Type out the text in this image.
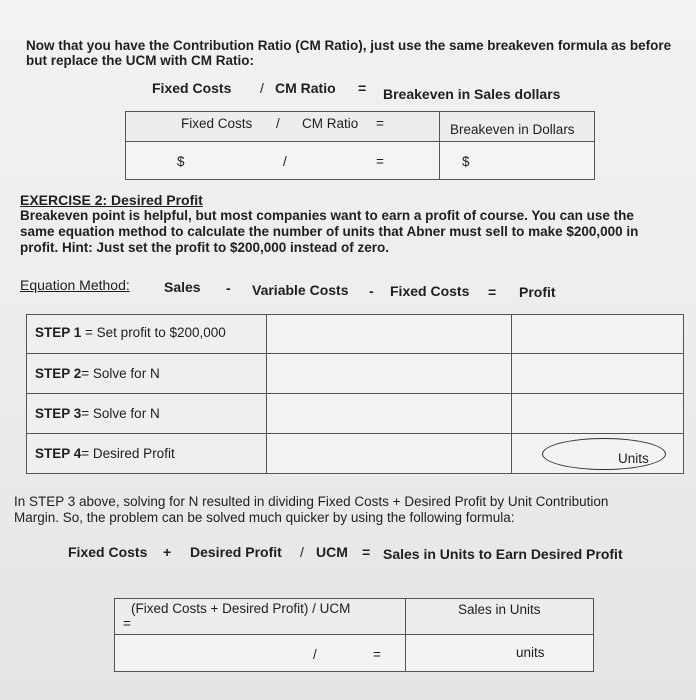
Now that you have the Contribution Ratio (CM Ratio), just use the same breakeven formula as before
but replace the UCM with CM Ratio:
Fixed Costs / CM Ratio = Breakeven in Sales dollars
Fixed Costs / CM Ratio =	Breakeven in Dollars

$ / =	$
EXERCISE 2: Desired Profit
Breakeven point is helpful, but most companies want to earn a profit of course. You can use the
same equation method to calculate the number of units that Abner must sell to make $200,000 in
profit. Hint: Just set the profit to $200,000 instead of zero.
Equation Method: Sales - Variable Costs - Fixed Costs = Profit
STEP 1 = Set profit to $200,000		

STEP 2= Solve for N		

STEP 3= Solve for N		

STEP 4= Desired Profit		Units
In STEP 3 above, solving for N resulted in dividing Fixed Costs + Desired Profit by Unit Contribution
Margin. So, the problem can be solved much quicker by using the following formula:
Fixed Costs + Desired Profit / UCM = Sales in Units to Earn Desired Profit
(Fixed Costs + Desired Profit) / UCM
=	Sales in Units

/ =	units
